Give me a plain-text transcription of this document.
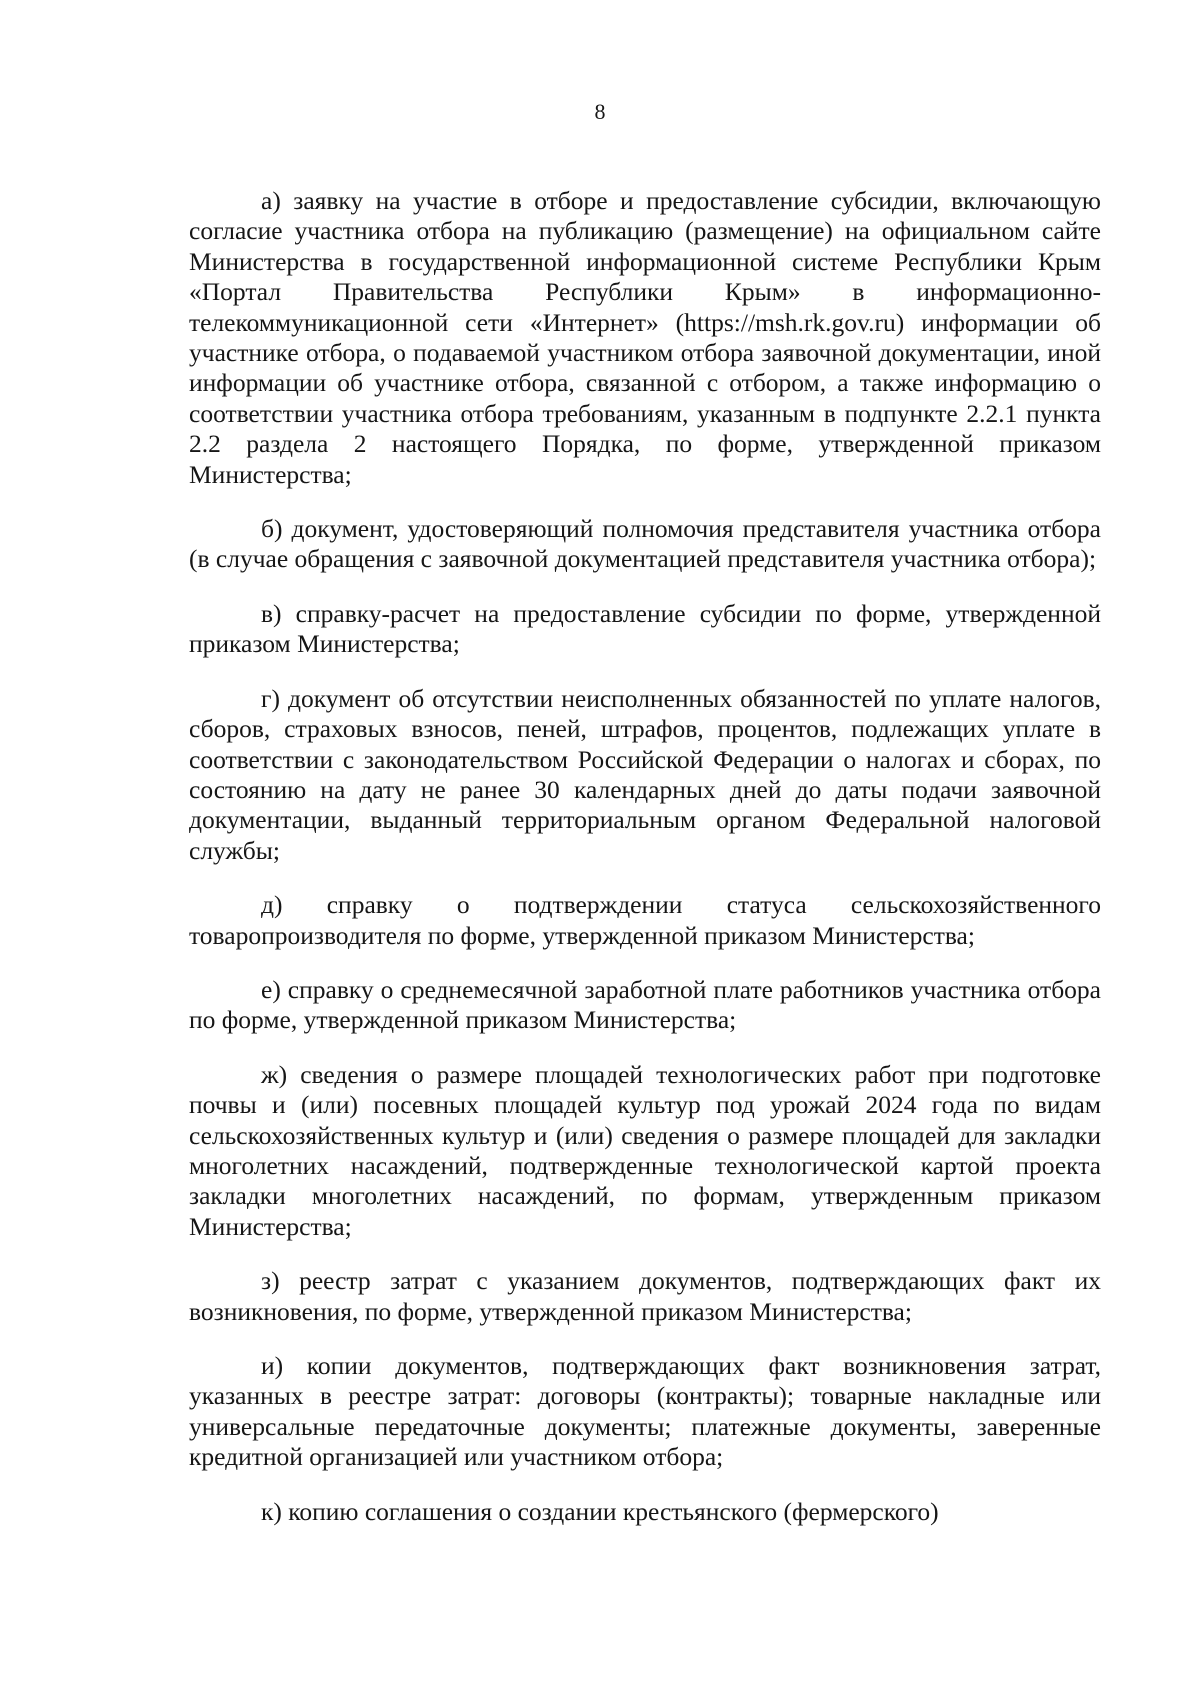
8

а) заявку на участие в отборе и предоставление субсидии, включающую согласие участника отбора на публикацию (размещение) на официальном сайте Министерства в государственной информационной системе Республики Крым «Портал Правительства Республики Крым» в информационно-телекоммуникационной сети «Интернет» (https://msh.rk.gov.ru) информации об участнике отбора, о подаваемой участником отбора заявочной документации, иной информации об участнике отбора, связанной с отбором, а также информацию о соответствии участника отбора требованиям, указанным в подпункте 2.2.1 пункта 2.2 раздела 2 настоящего Порядка, по форме, утвержденной приказом Министерства;

б) документ, удостоверяющий полномочия представителя участника отбора (в случае обращения с заявочной документацией представителя участника отбора);

в) справку-расчет на предоставление субсидии по форме, утвержденной приказом Министерства;

г) документ об отсутствии неисполненных обязанностей по уплате налогов, сборов, страховых взносов, пеней, штрафов, процентов, подлежащих уплате в соответствии с законодательством Российской Федерации о налогах и сборах, по состоянию на дату не ранее 30 календарных дней до даты подачи заявочной документации, выданный территориальным органом Федеральной налоговой службы;

д) справку о подтверждении статуса сельскохозяйственного товаропроизводителя по форме, утвержденной приказом Министерства;

е) справку о среднемесячной заработной плате работников участника отбора по форме, утвержденной приказом Министерства;

ж) сведения о размере площадей технологических работ при подготовке почвы и (или) посевных площадей культур под урожай 2024 года по видам сельскохозяйственных культур и (или) сведения о размере площадей для закладки многолетних насаждений, подтвержденные технологической картой проекта закладки многолетних насаждений, по формам, утвержденным приказом Министерства;

з) реестр затрат с указанием документов, подтверждающих факт их возникновения, по форме, утвержденной приказом Министерства;

и) копии документов, подтверждающих факт возникновения затрат, указанных в реестре затрат: договоры (контракты); товарные накладные или универсальные передаточные документы; платежные документы, заверенные кредитной организацией или участником отбора;

к) копию соглашения о создании крестьянского (фермерского)
